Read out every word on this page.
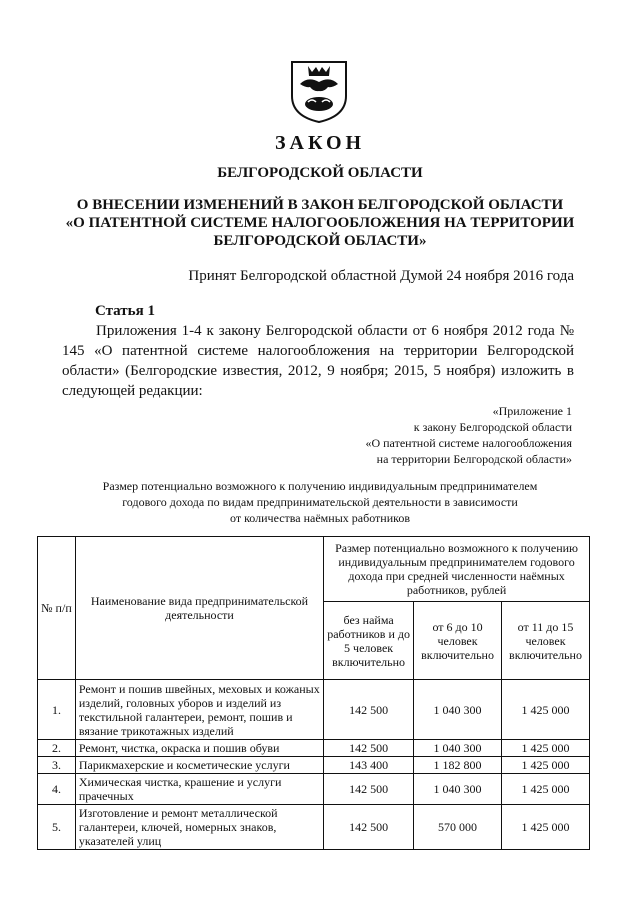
ЗАКОН
БЕЛГОРОДСКОЙ ОБЛАСТИ
О ВНЕСЕНИИ ИЗМЕНЕНИЙ В ЗАКОН БЕЛГОРОДСКОЙ ОБЛАСТИ
«О ПАТЕНТНОЙ СИСТЕМЕ НАЛОГООБЛОЖЕНИЯ НА ТЕРРИТОРИИ
БЕЛГОРОДСКОЙ ОБЛАСТИ»
Принят Белгородской областной Думой 24 ноября 2016 года
Статья 1
Приложения 1-4 к закону Белгородской области от 6 ноября 2012 года № 145 «О патентной системе налогообложения на территории Белгородской области» (Белгородские известия, 2012, 9 ноября; 2015, 5 ноября) изложить в следующей редакции:
«Приложение 1
к закону Белгородской области
«О патентной системе налогообложения
на территории Белгородской области»
Размер потенциально возможного к получению индивидуальным предпринимателем
годового дохода по видам предпринимательской деятельности в зависимости
от количества наёмных работников
№ п/п	Наименование вида предпринимательской деятельности	Размер потенциально возможного к получению индивидуальным предпринимателем годового дохода при средней численности наёмных работников, рублей		
		без найма работников и до 5 человек включительно	от 6 до 10 человек включительно	от 11 до 15 человек включительно
1.	Ремонт и пошив швейных, меховых и кожаных изделий, головных уборов и изделий из текстильной галантереи, ремонт, пошив и вязание трикотажных изделий	142 500	1 040 300	1 425 000
2.	Ремонт, чистка, окраска и пошив обуви	142 500	1 040 300	1 425 000
3.	Парикмахерские и косметические услуги	143 400	1 182 800	1 425 000
4.	Химическая чистка, крашение и услуги прачечных	142 500	1 040 300	1 425 000
5.	Изготовление и ремонт металлической галантереи, ключей, номерных знаков, указателей улиц	142 500	570 000	1 425 000
